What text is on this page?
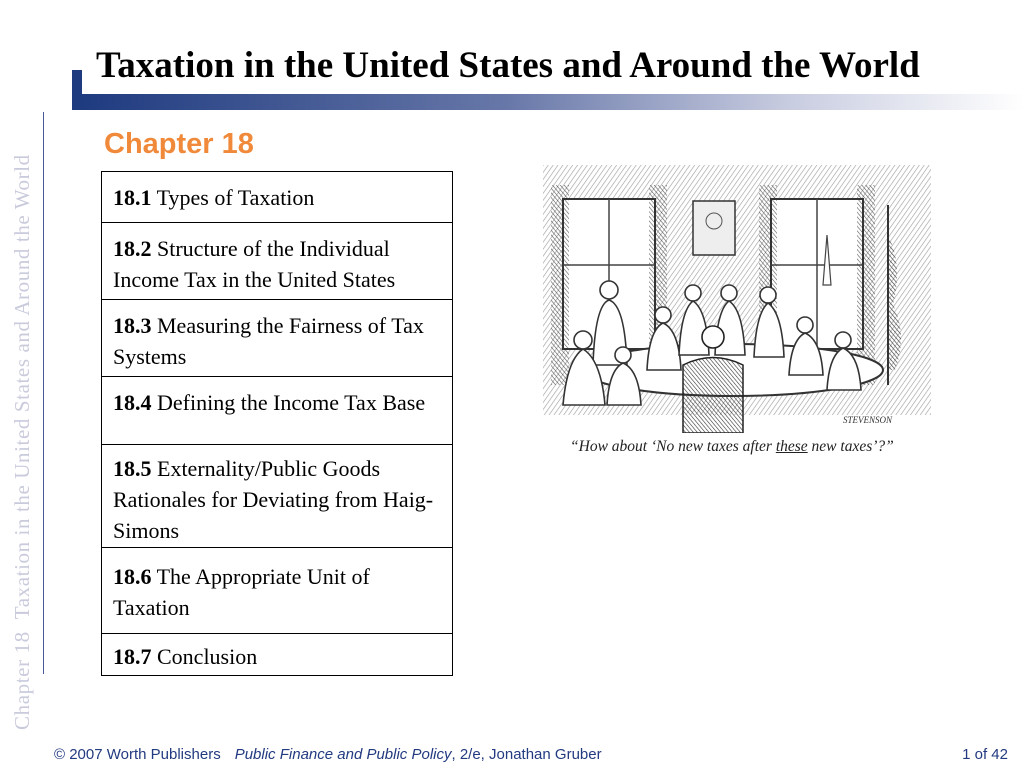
Chapter 18Taxation in the United States and Around the World
Taxation in the United States and Around the World
Chapter 18
18.1 Types of Taxation
18.2 Structure of the Individual Income Tax in the United States
18.3 Measuring the Fairness of Tax Systems
18.4 Defining the Income Tax Base
18.5 Externality/Public Goods Rationales for Deviating from Haig-Simons
18.6 The Appropriate Unit of Taxation
18.7 Conclusion
STEVENSON
“How about ‘No new taxes after these new taxes’?”
© 2007 Worth Publishers Public Finance and Public Policy, 2/e, Jonathan Gruber	1 of 42
